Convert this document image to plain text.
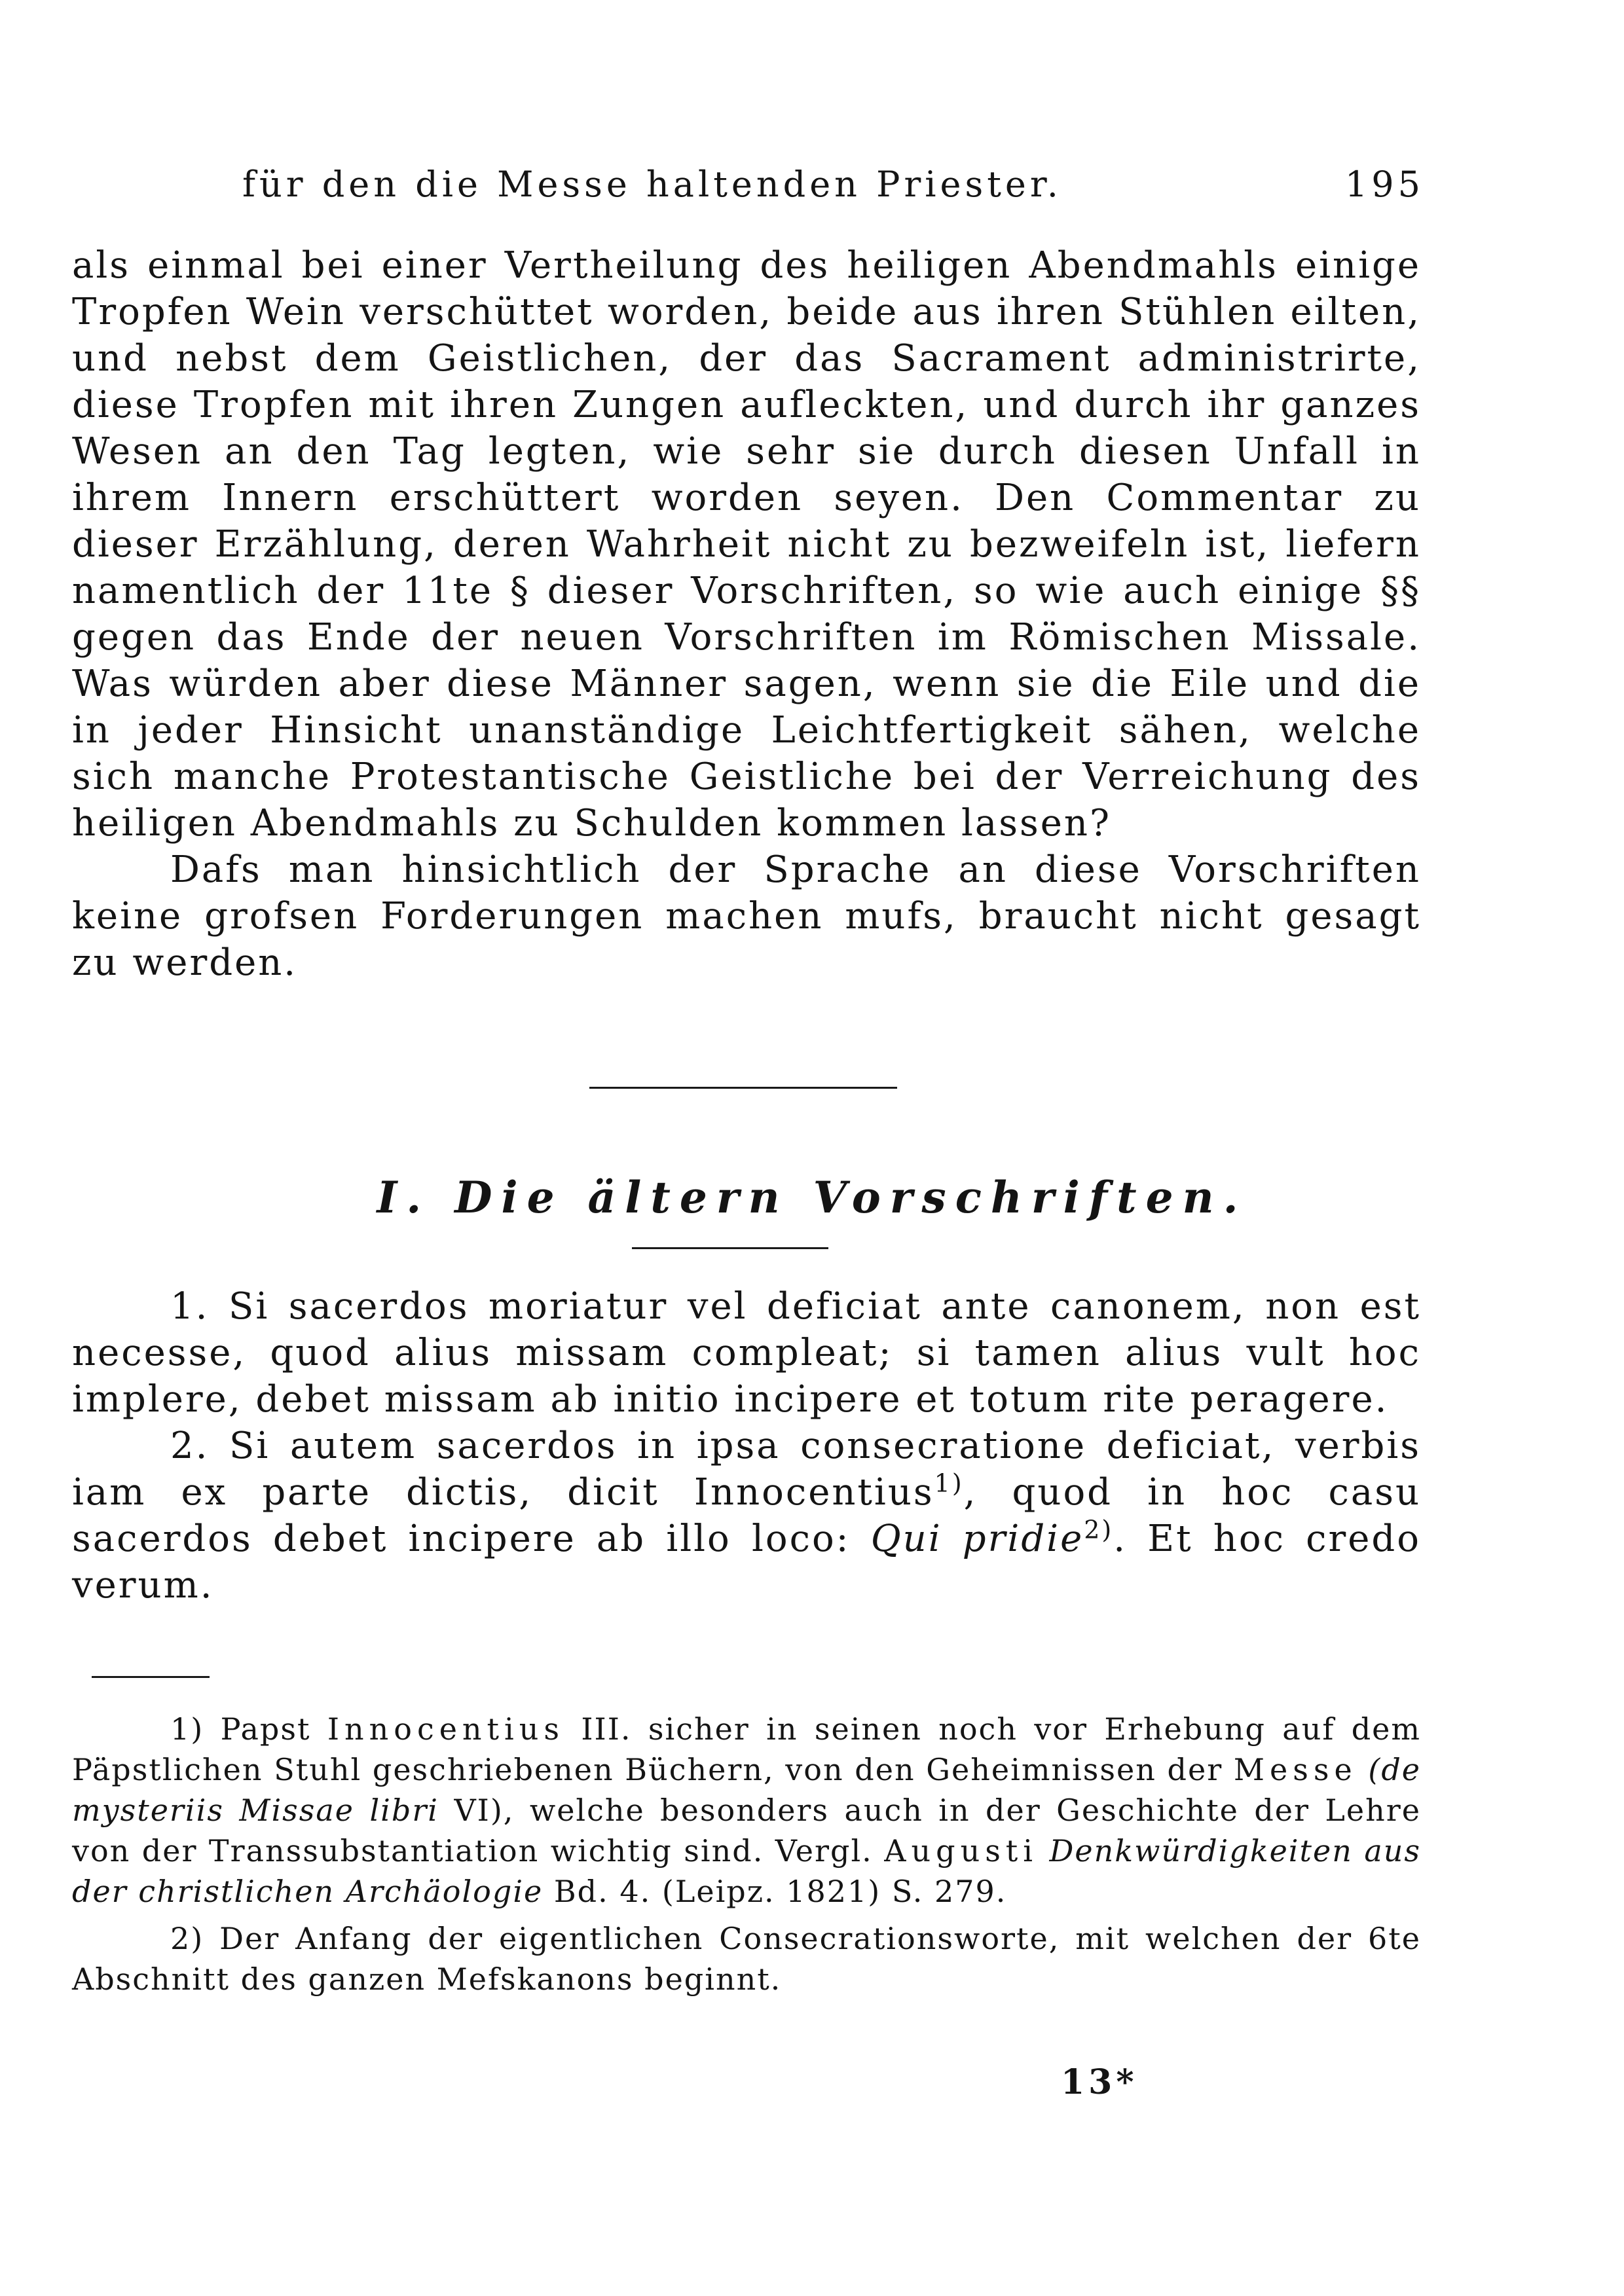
für den die Messe haltenden Priester.	195

als einmal bei einer Vertheilung des heiligen Abendmahls einige Tropfen Wein verschüttet worden, beide aus ihren Stühlen eilten, und nebst dem Geistlichen, der das Sacrament administrirte, diese Tropfen mit ihren Zungen aufleckten, und durch ihr ganzes Wesen an den Tag legten, wie sehr sie durch diesen Unfall in ihrem Innern erschüttert worden seyen. Den Commentar zu dieser Erzählung, deren Wahrheit nicht zu bezweifeln ist, liefern namentlich der 11te § dieser Vorschriften, so wie auch einige §§ gegen das Ende der neuen Vorschriften im Römischen Missale. Was würden aber diese Männer sagen, wenn sie die Eile und die in jeder Hinsicht unanständige Leichtfertigkeit sähen, welche sich manche Protestantische Geistliche bei der Verreichung des heiligen Abendmahls zu Schulden kommen lassen?

Dafs man hinsichtlich der Sprache an diese Vorschriften keine grofsen Forderungen machen mufs, braucht nicht gesagt zu werden.

I. Die ältern Vorschriften.

1. Si sacerdos moriatur vel deficiat ante canonem, non est necesse, quod alius missam compleat; si tamen alius vult hoc implere, debet missam ab initio incipere et totum rite peragere.

2. Si autem sacerdos in ipsa consecratione deficiat, verbis iam ex parte dictis, dicit Innocentius$^{1)}$, quod in hoc casu sacerdos debet incipere ab illo loco: Qui pridie$^{2)}$. Et hoc credo verum.

1) Papst Innocentius III. sicher in seinen noch vor Erhebung auf dem Päpstlichen Stuhl geschriebenen Büchern, von den Geheimnissen der Messe (de mysteriis Missae libri VI), welche besonders auch in der Geschichte der Lehre von der Transsubstantiation wichtig sind. Vergl. Augusti Denkwürdigkeiten aus der christlichen Archäologie Bd. 4. (Leipz. 1821) S. 279.

2) Der Anfang der eigentlichen Consecrationsworte, mit welchen der 6te Abschnitt des ganzen Mefskanons beginnt.

13*
